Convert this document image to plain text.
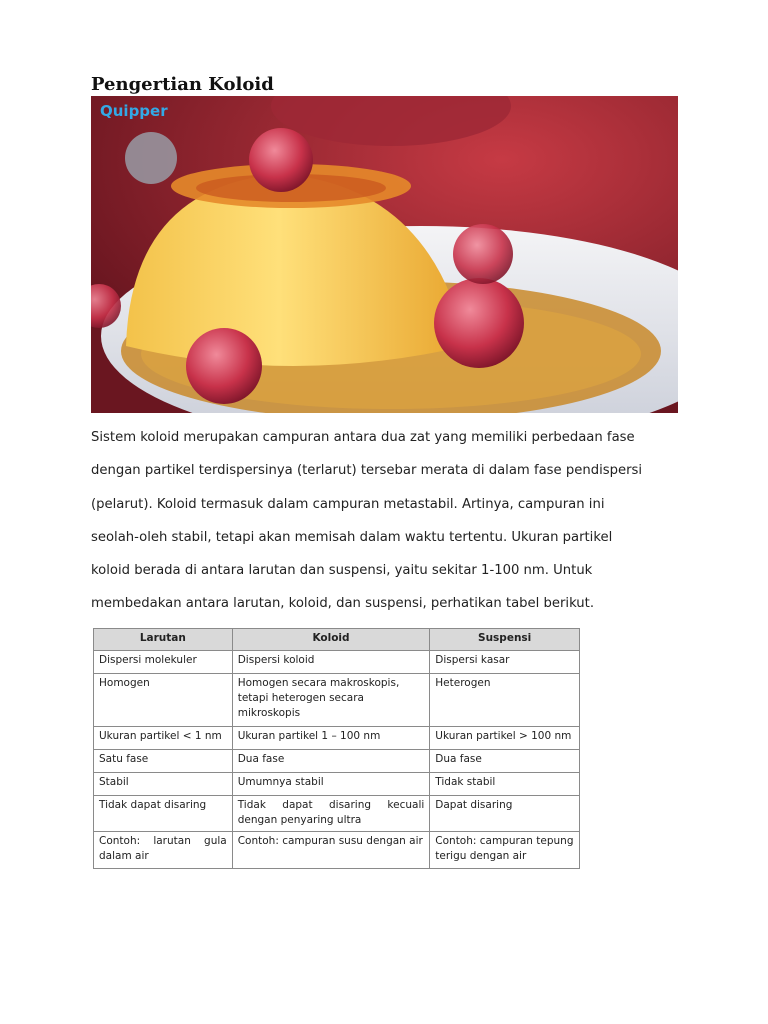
Pengertian Koloid
Quipper
Sistem koloid merupakan campuran antara dua zat yang memiliki perbedaan fase
dengan partikel terdispersinya (terlarut) tersebar merata di dalam fase pendispersi
(pelarut). Koloid termasuk dalam campuran metastabil. Artinya, campuran ini
seolah-oleh stabil, tetapi akan memisah dalam waktu tertentu. Ukuran partikel
koloid berada di antara larutan dan suspensi, yaitu sekitar 1-100 nm. Untuk
membedakan antara larutan, koloid, dan suspensi, perhatikan tabel berikut.
Larutan	Koloid	Suspensi
Dispersi molekuler	Dispersi koloid	Dispersi kasar
Homogen	Homogen secara makroskopis, tetapi heterogen secara mikroskopis	Heterogen
Ukuran partikel < 1 nm	Ukuran partikel 1 – 100 nm	Ukuran partikel > 100 nm
Satu fase	Dua fase	Dua fase
Stabil	Umumnya stabil	Tidak stabil
Tidak dapat disaring	Tidak dapat disaring kecuali dengan penyaring ultra	Dapat disaring
Contoh: larutan gula dalam air	Contoh: campuran susu dengan air	Contoh: campuran tepung terigu dengan air
